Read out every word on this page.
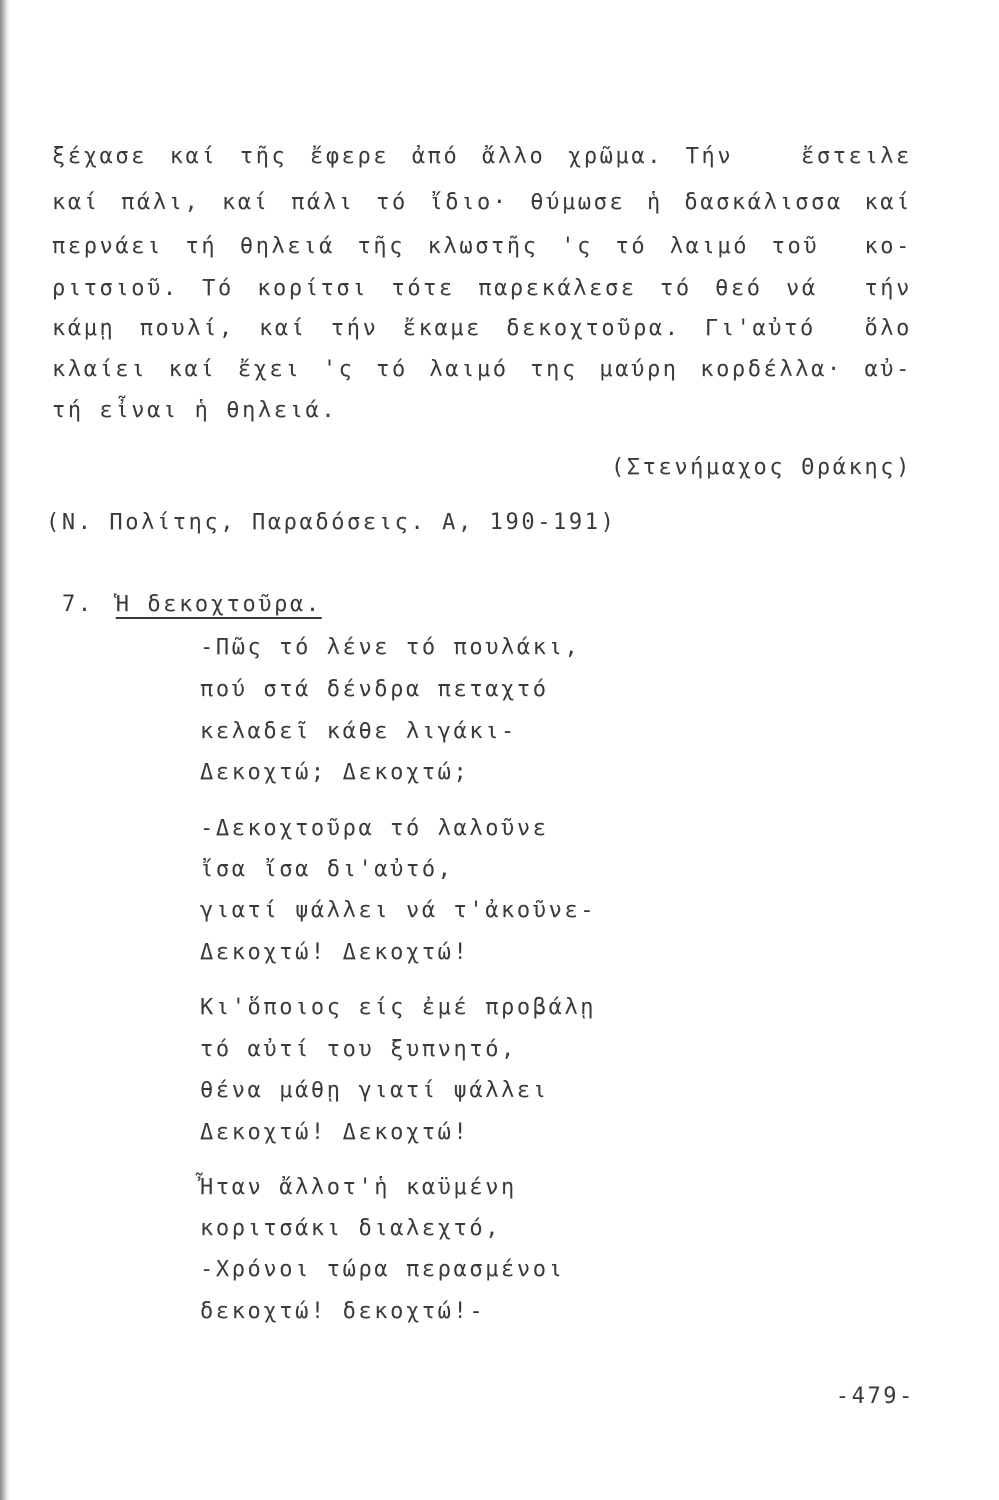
ξέχασε καί τῆς ἔφερε ἀπό ἄλλο χρῶμα. Τήν   ἔστειλε
καί πάλι, καί πάλι τό ἴδιο· θύμωσε ἡ δασκάλισσα καί
περνάει τή θηλειά τῆς κλωστῆς 'ς τό λαιμό τοῦ  κο-
ριτσιοῦ. Τό κορίτσι τότε παρεκάλεσε τό θεό νά  τήν
κάμῃ πουλί, καί τήν ἔκαμε δεκοχτοῦρα. Γι'αὐτό  ὅλο
κλαίει καί ἔχει 'ς τό λαιμό της μαύρη κορδέλλα· αὐ-
τή εἶναι ἡ θηλειά.
(Στενήμαχος Θράκης)
(Ν. Πολίτης, Παραδόσεις. Α, 190-191)
7. Ἡ δεκοχτοῦρα.
-Πῶς τό λένε τό πουλάκι,
πού στά δένδρα πεταχτό
κελαδεῖ κάθε λιγάκι-
Δεκοχτώ; Δεκοχτώ;
-Δεκοχτοῦρα τό λαλοῦνε
ἴσα ἴσα δι'αὐτό,
γιατί ψάλλει νά τ'ἀκοῦνε-
Δεκοχτώ! Δεκοχτώ!
Κι'ὅποιος είς ἐμέ προβάλῃ
τό αὐτί του ξυπνητό,
θένα μάθῃ γιατί ψάλλει
Δεκοχτώ! Δεκοχτώ!
Ἦταν ἄλλοτ'ἡ καϋμένη
κοριτσάκι διαλεχτό,
-Χρόνοι τώρα περασμένοι
δεκοχτώ! δεκοχτώ!-
-479-
